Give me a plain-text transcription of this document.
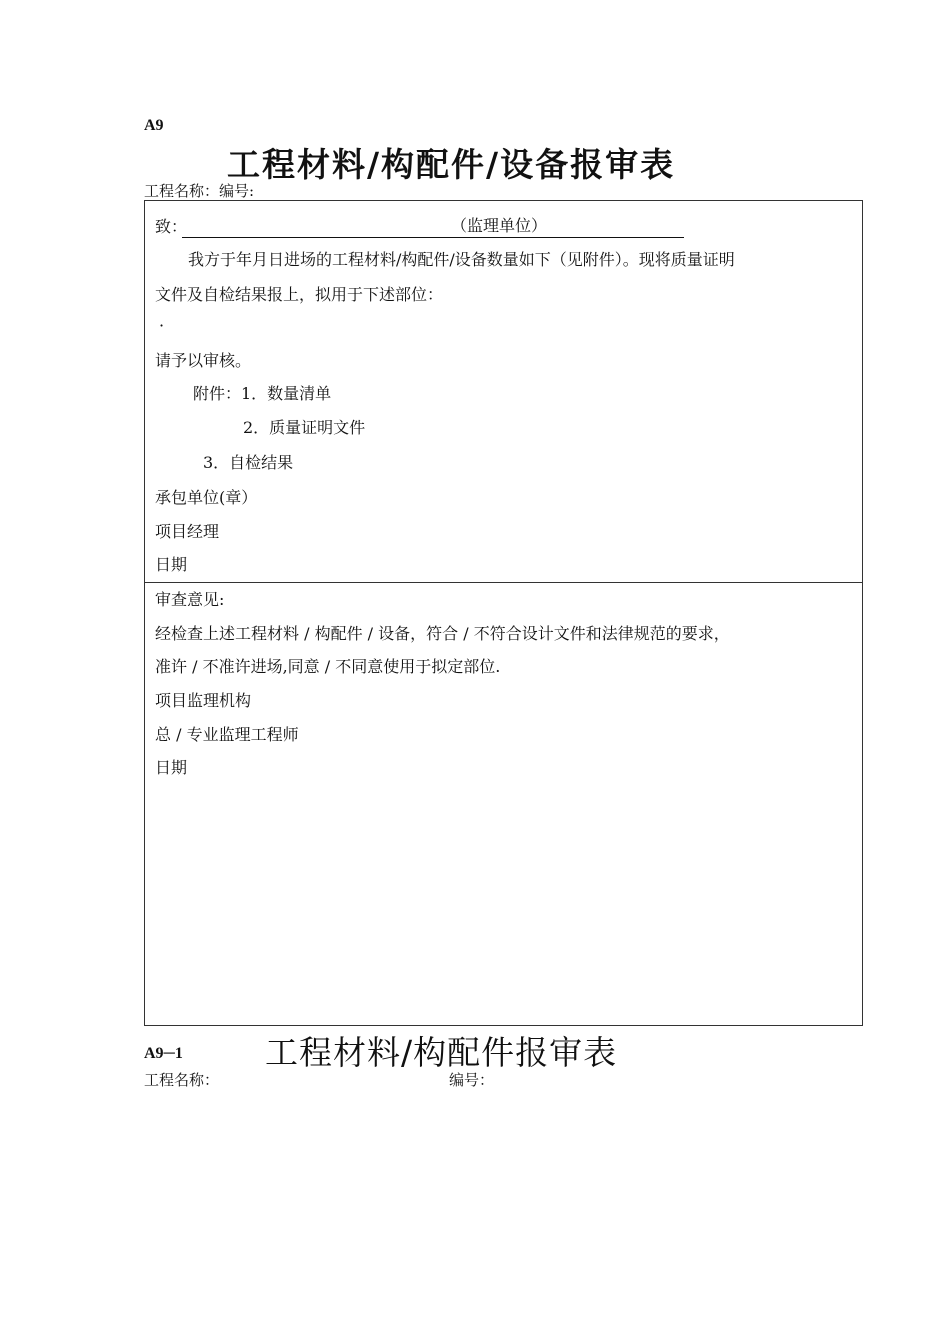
A9
工程材料/构配件/设备报审表
工程名称：编号:
致：	（监理单位）
我方于年月日进场的工程材料/构配件/设备数量如下（见附件）。现将质量证明
文件及自检结果报上，拟用于下述部位：
·
请予以审核。
附件：1．数量清单
2．质量证明文件
3．自检结果
承包单位(章）
项目经理
日期
审查意见:
经检查上述工程材料 / 构配件 / 设备，符合 / 不符合设计文件和法律规范的要求，
准许 / 不准许进场,同意 / 不同意使用于拟定部位.
项目监理机构
总 / 专业监理工程师
日期
A9─1 工程材料/构配件报审表
工程名称：	编号：
